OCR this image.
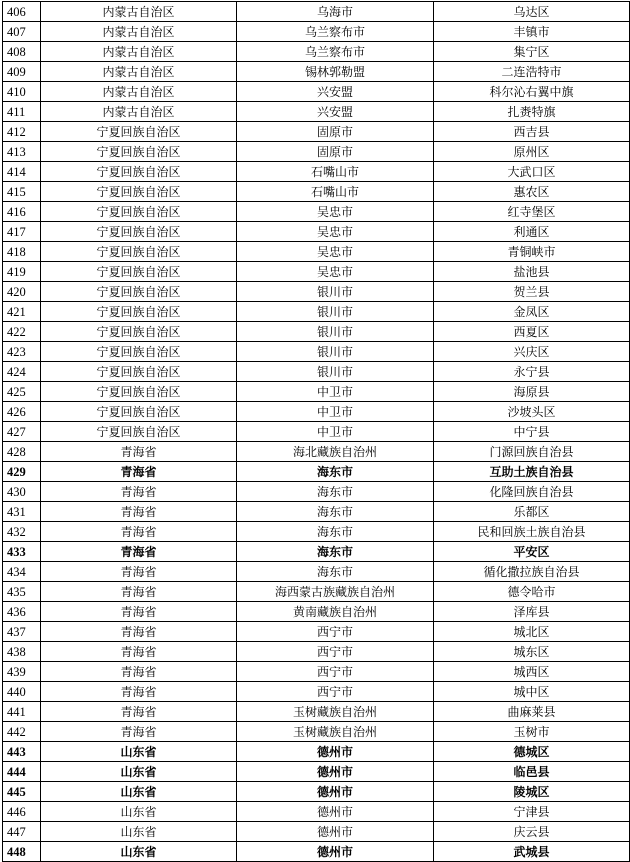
406	内蒙古自治区	乌海市	乌达区
407	内蒙古自治区	乌兰察布市	丰镇市
408	内蒙古自治区	乌兰察布市	集宁区
409	内蒙古自治区	锡林郭勒盟	二连浩特市
410	内蒙古自治区	兴安盟	科尔沁右翼中旗
411	内蒙古自治区	兴安盟	扎赉特旗
412	宁夏回族自治区	固原市	西吉县
413	宁夏回族自治区	固原市	原州区
414	宁夏回族自治区	石嘴山市	大武口区
415	宁夏回族自治区	石嘴山市	惠农区
416	宁夏回族自治区	吴忠市	红寺堡区
417	宁夏回族自治区	吴忠市	利通区
418	宁夏回族自治区	吴忠市	青铜峡市
419	宁夏回族自治区	吴忠市	盐池县
420	宁夏回族自治区	银川市	贺兰县
421	宁夏回族自治区	银川市	金凤区
422	宁夏回族自治区	银川市	西夏区
423	宁夏回族自治区	银川市	兴庆区
424	宁夏回族自治区	银川市	永宁县
425	宁夏回族自治区	中卫市	海原县
426	宁夏回族自治区	中卫市	沙坡头区
427	宁夏回族自治区	中卫市	中宁县
428	青海省	海北藏族自治州	门源回族自治县
429	青海省	海东市	互助土族自治县
430	青海省	海东市	化隆回族自治县
431	青海省	海东市	乐都区
432	青海省	海东市	民和回族土族自治县
433	青海省	海东市	平安区
434	青海省	海东市	循化撒拉族自治县
435	青海省	海西蒙古族藏族自治州	德令哈市
436	青海省	黄南藏族自治州	泽库县
437	青海省	西宁市	城北区
438	青海省	西宁市	城东区
439	青海省	西宁市	城西区
440	青海省	西宁市	城中区
441	青海省	玉树藏族自治州	曲麻莱县
442	青海省	玉树藏族自治州	玉树市
443	山东省	德州市	德城区
444	山东省	德州市	临邑县
445	山东省	德州市	陵城区
446	山东省	德州市	宁津县
447	山东省	德州市	庆云县
448	山东省	德州市	武城县
